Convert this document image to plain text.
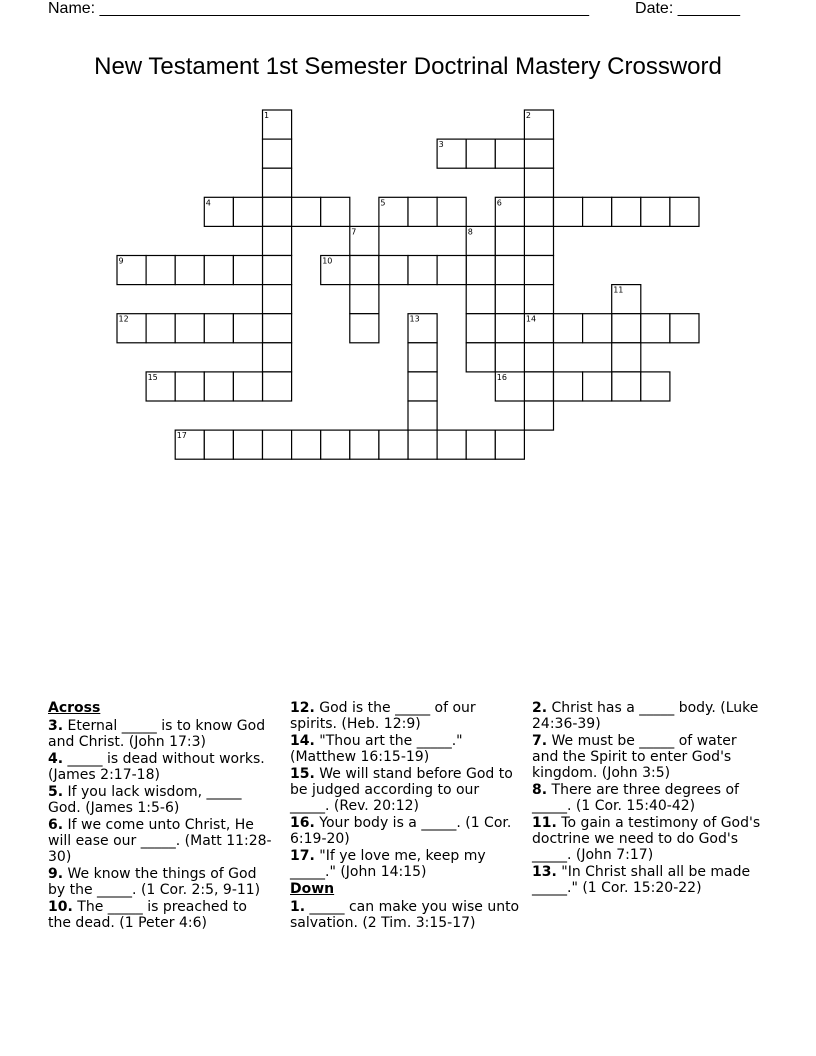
Name: _______________________________________________________	Date: _______
New Testament 1st Semester Doctrinal Mastery Crossword
1	2
3
4	5	6
7	8
9	10
11
12	13	14
15	16
17
Across
3. Eternal _____ is to know God and Christ. (John 17:3)
4. _____ is dead without works. (James 2:17-18)
5. If you lack wisdom, _____ God. (James 1:5-6)
6. If we come unto Christ, He will ease our _____. (Matt 11:28-30)
9. We know the things of God by the _____. (1 Cor. 2:5, 9-11)
10. The _____ is preached to the dead. (1 Peter 4:6)
12. God is the _____ of our spirits. (Heb. 12:9)
14. "Thou art the _____." (Matthew 16:15-19)
15. We will stand before God to be judged according to our _____. (Rev. 20:12)
16. Your body is a _____. (1 Cor. 6:19-20)
17. "If ye love me, keep my _____." (John 14:15)
Down
1. _____ can make you wise unto salvation. (2 Tim. 3:15-17)
2. Christ has a _____ body. (Luke 24:36-39)
7. We must be _____ of water and the Spirit to enter God's kingdom. (John 3:5)
8. There are three degrees of _____. (1 Cor. 15:40-42)
11. To gain a testimony of God's doctrine we need to do God's _____. (John 7:17)
13. "In Christ shall all be made _____." (1 Cor. 15:20-22)
